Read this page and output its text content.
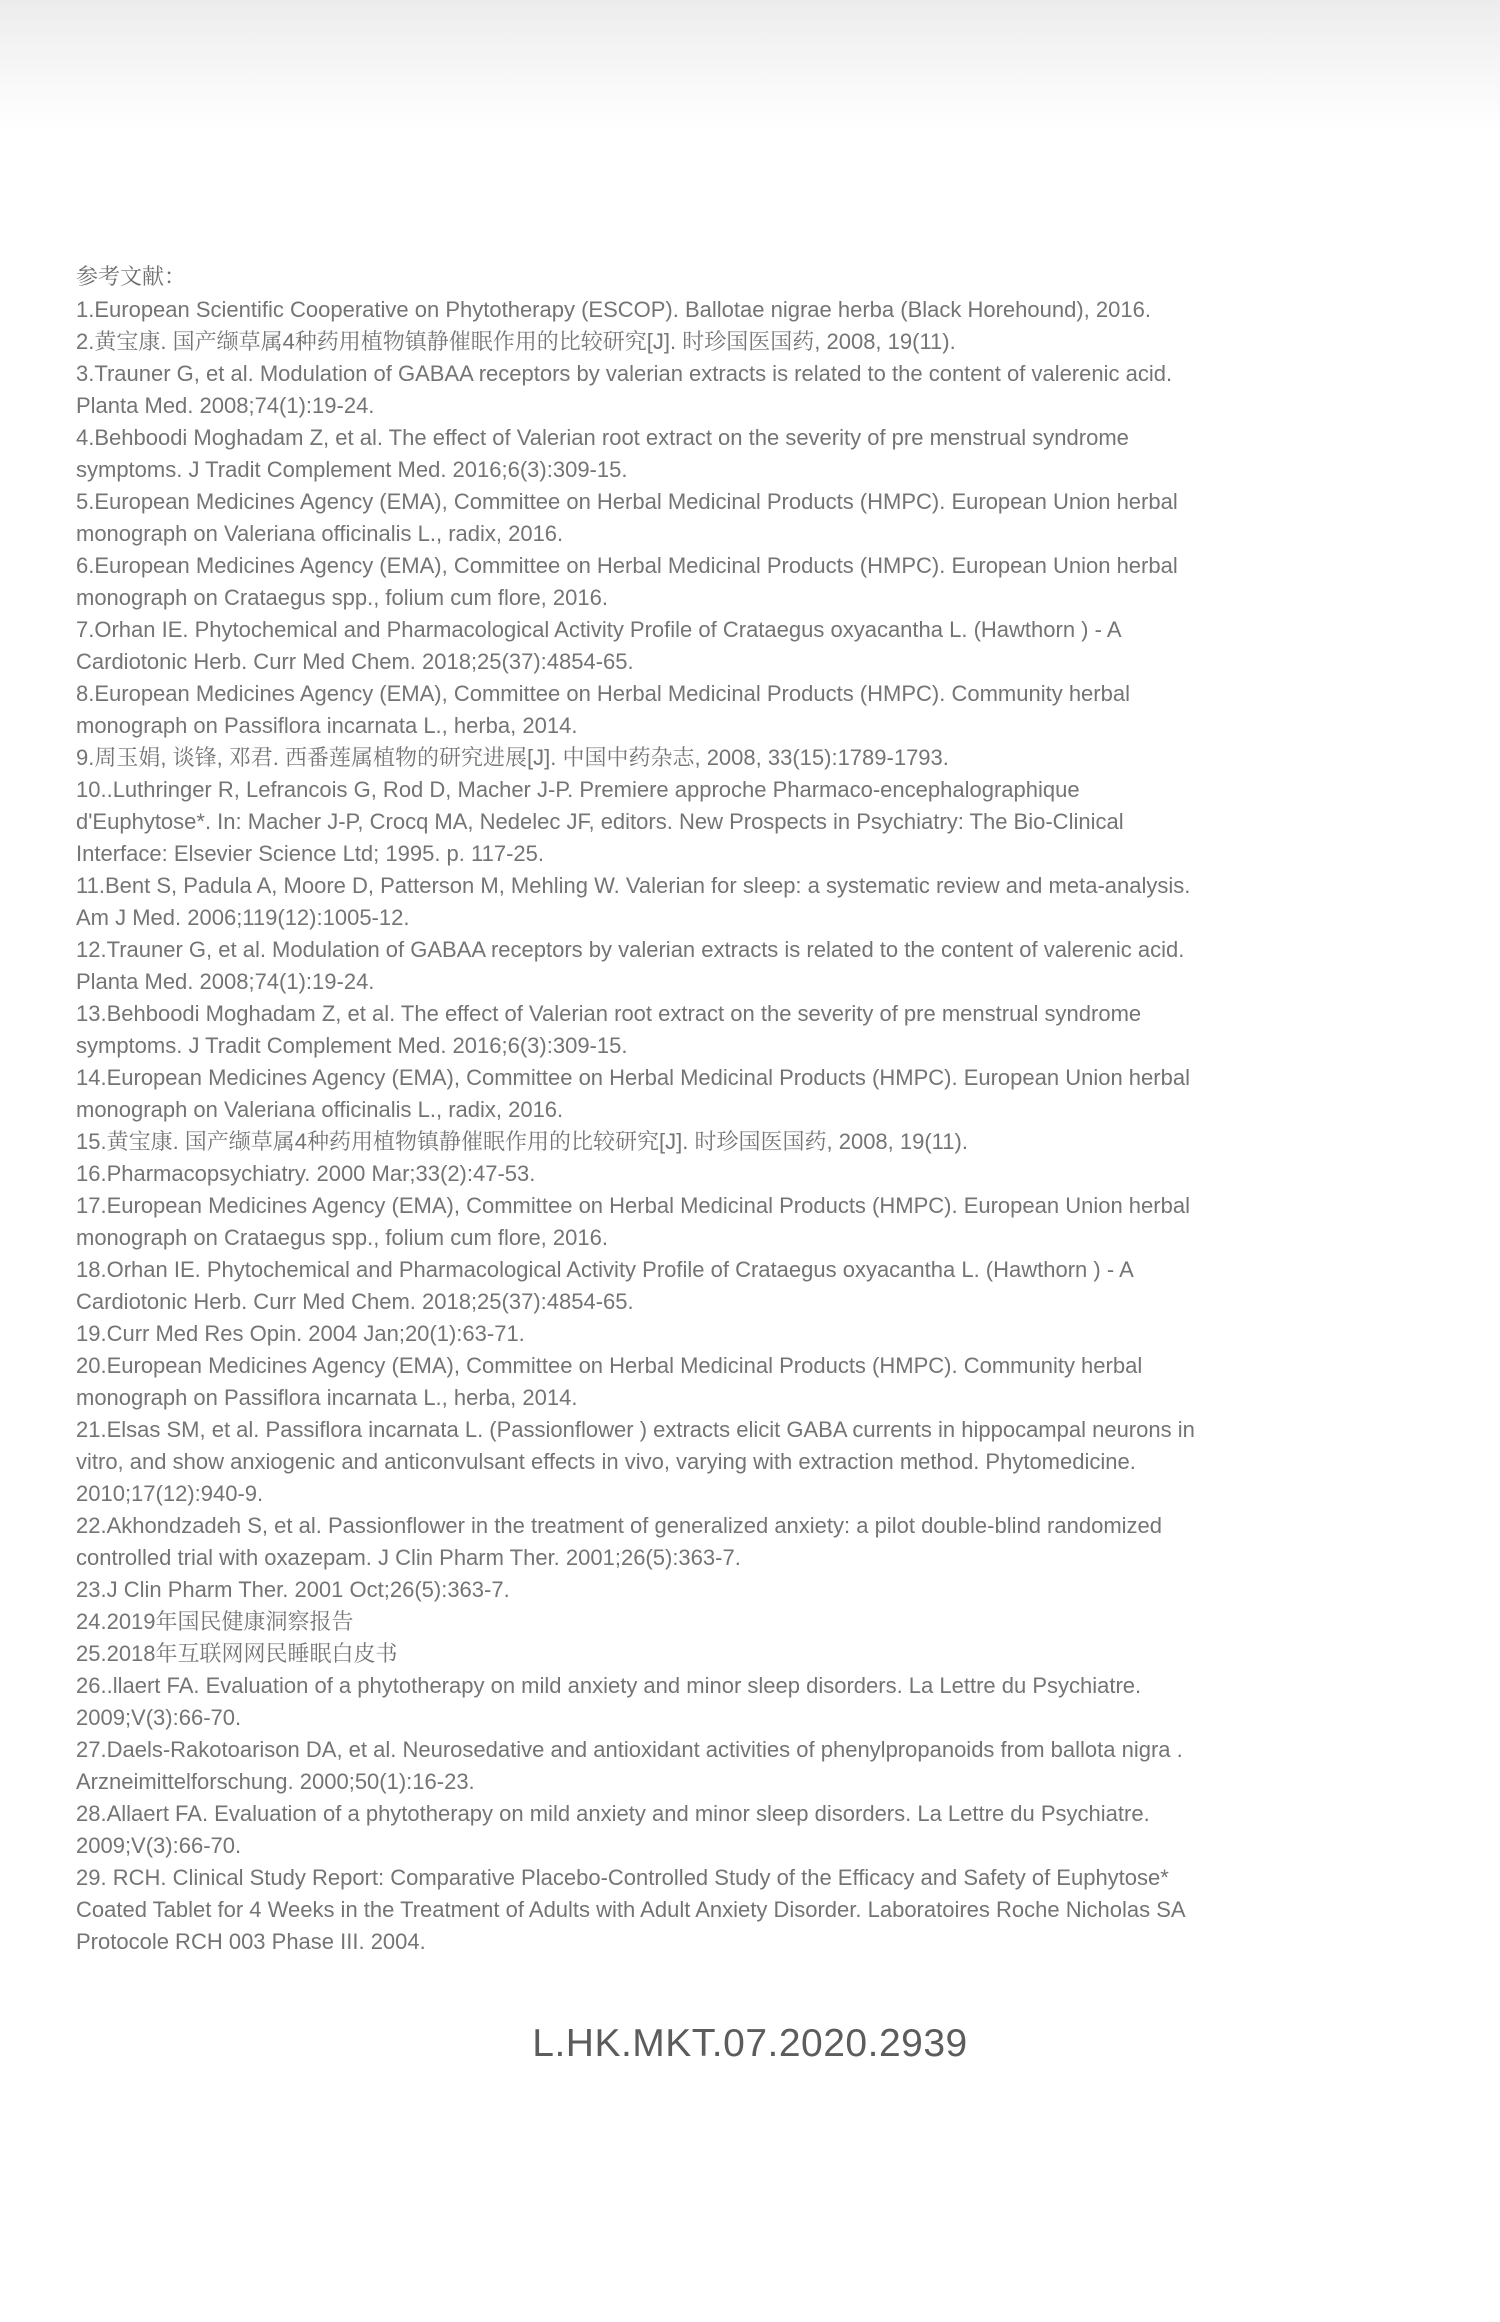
参考文献：

1.European Scientific Cooperative on Phytotherapy (ESCOP). Ballotae nigrae herba (Black Horehound), 2016.
2.黄宝康. 国产缬草属4种药用植物镇静催眠作用的比较研究[J]. 时珍国医国药, 2008, 19(11).
3.Trauner G, et al. Modulation of GABAA receptors by valerian extracts is related to the content of valerenic acid.
Planta Med. 2008;74(1):19-24.
4.Behboodi Moghadam Z, et al. The effect of Valerian root extract on the severity of pre menstrual syndrome
symptoms. J Tradit Complement Med. 2016;6(3):309-15.
5.European Medicines Agency (EMA), Committee on Herbal Medicinal Products (HMPC). European Union herbal
monograph on Valeriana officinalis L., radix, 2016.
6.European Medicines Agency (EMA), Committee on Herbal Medicinal Products (HMPC). European Union herbal
monograph on Crataegus spp., folium cum flore, 2016.
7.Orhan IE. Phytochemical and Pharmacological Activity Profile of Crataegus oxyacantha L. (Hawthorn ) - A
Cardiotonic Herb. Curr Med Chem. 2018;25(37):4854-65.
8.European Medicines Agency (EMA), Committee on Herbal Medicinal Products (HMPC). Community herbal
monograph on Passiflora incarnata L., herba, 2014.
9.周玉娟, 谈锋, 邓君. 西番莲属植物的研究进展[J]. 中国中药杂志, 2008, 33(15):1789-1793.
10..Luthringer R, Lefrancois G, Rod D, Macher J-P. Premiere approche Pharmaco-encephalographique
d'Euphytose*. In: Macher J-P, Crocq MA, Nedelec JF, editors. New Prospects in Psychiatry: The Bio-Clinical
Interface: Elsevier Science Ltd; 1995. p. 117-25.
11.Bent S, Padula A, Moore D, Patterson M, Mehling W. Valerian for sleep: a systematic review and meta-analysis.
Am J Med. 2006;119(12):1005-12.
12.Trauner G, et al. Modulation of GABAA receptors by valerian extracts is related to the content of valerenic acid.
Planta Med. 2008;74(1):19-24.
13.Behboodi Moghadam Z, et al. The effect of Valerian root extract on the severity of pre menstrual syndrome
symptoms. J Tradit Complement Med. 2016;6(3):309-15.
14.European Medicines Agency (EMA), Committee on Herbal Medicinal Products (HMPC). European Union herbal
monograph on Valeriana officinalis L., radix, 2016.
15.黄宝康. 国产缬草属4种药用植物镇静催眠作用的比较研究[J]. 时珍国医国药, 2008, 19(11).
16.Pharmacopsychiatry. 2000 Mar;33(2):47-53.
17.European Medicines Agency (EMA), Committee on Herbal Medicinal Products (HMPC). European Union herbal
monograph on Crataegus spp., folium cum flore, 2016.
18.Orhan IE. Phytochemical and Pharmacological Activity Profile of Crataegus oxyacantha L. (Hawthorn ) - A
Cardiotonic Herb. Curr Med Chem. 2018;25(37):4854-65.
19.Curr Med Res Opin. 2004 Jan;20(1):63-71.
20.European Medicines Agency (EMA), Committee on Herbal Medicinal Products (HMPC). Community herbal
monograph on Passiflora incarnata L., herba, 2014.
21.Elsas SM, et al. Passiflora incarnata L. (Passionflower ) extracts elicit GABA currents in hippocampal neurons in
vitro, and show anxiogenic and anticonvulsant effects in vivo, varying with extraction method. Phytomedicine.
2010;17(12):940-9.
22.Akhondzadeh S, et al. Passionflower in the treatment of generalized anxiety: a pilot double-blind randomized
controlled trial with oxazepam. J Clin Pharm Ther. 2001;26(5):363-7.
23.J Clin Pharm Ther. 2001 Oct;26(5):363-7.
24.2019年国民健康洞察报告
25.2018年互联网网民睡眠白皮书
26..llaert FA. Evaluation of a phytotherapy on mild anxiety and minor sleep disorders. La Lettre du Psychiatre.
2009;V(3):66-70.
27.Daels-Rakotoarison DA, et al. Neurosedative and antioxidant activities of phenylpropanoids from ballota nigra .
Arzneimittelforschung. 2000;50(1):16-23.
28.Allaert FA. Evaluation of a phytotherapy on mild anxiety and minor sleep disorders. La Lettre du Psychiatre.
2009;V(3):66-70.
29. RCH. Clinical Study Report: Comparative Placebo-Controlled Study of the Efficacy and Safety of Euphytose*
Coated Tablet for 4 Weeks in the Treatment of Adults with Adult Anxiety Disorder. Laboratoires Roche Nicholas SA
Protocole RCH 003 Phase III. 2004.
L.HK.MKT.07.2020.2939
